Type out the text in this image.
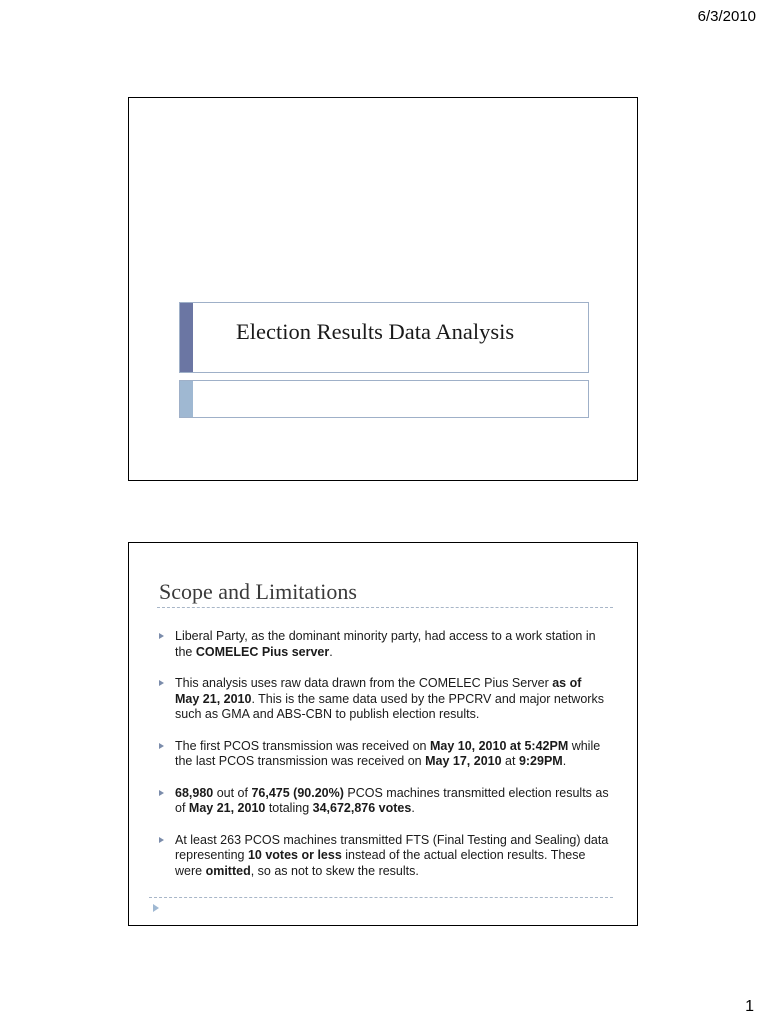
6/3/2010
Election Results Data Analysis
Scope and Limitations
Liberal Party, as the dominant minority party, had access to a work station in the COMELEC Pius server.
This analysis uses raw data drawn from the COMELEC Pius Server as of May 21, 2010. This is the same data used by the PPCRV and major networks such as GMA and ABS-CBN to publish election results.
The first PCOS transmission was received on May 10, 2010 at 5:42PM while the last PCOS transmission was received on May 17, 2010 at 9:29PM.
68,980 out of 76,475 (90.20%) PCOS machines transmitted election results as of May 21, 2010 totaling 34,672,876 votes.
At least 263 PCOS machines transmitted FTS (Final Testing and Sealing) data representing 10 votes or less instead of the actual election results. These were omitted, so as not to skew the results.
1
